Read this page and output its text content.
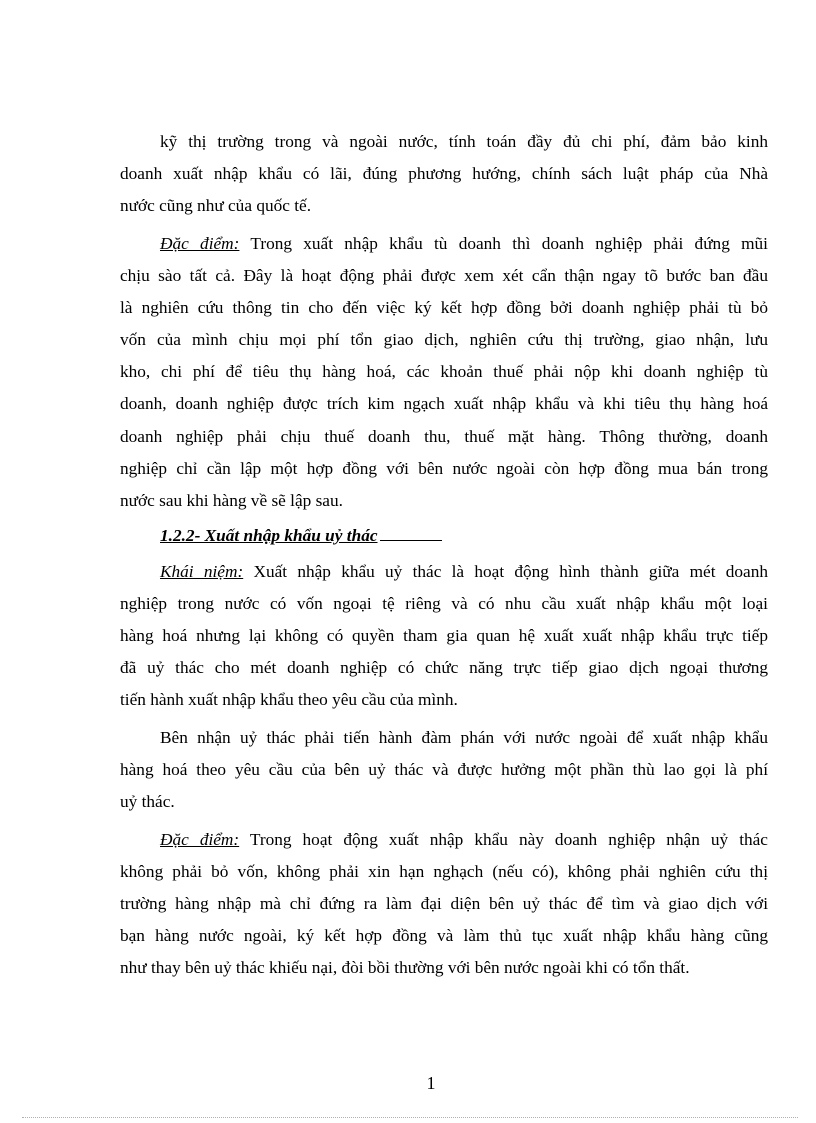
kỹ thị trường trong và ngoài nước, tính toán đầy đủ chi phí, đảm bảo kinh
doanh xuất nhập khẩu có lãi, đúng phương hướng, chính sách luật pháp của Nhà
nước cũng như của quốc tế.
Đặc điểm: Trong xuất nhập khẩu tù doanh thì doanh nghiệp phải đứng mũi
chịu sào tất cả. Đây là hoạt động phải được xem xét cẩn thận ngay tõ bước ban đầu
là nghiên cứu thông tin cho đến việc ký kết hợp đồng bởi doanh nghiệp phải tù bỏ
vốn của mình chịu mọi phí tổn giao dịch, nghiên cứu thị trường, giao nhận, lưu
kho, chi phí để tiêu thụ hàng hoá, các khoản thuế phải nộp khi doanh nghiệp tù
doanh, doanh nghiệp được trích kim ngạch xuất nhập khẩu và khi tiêu thụ hàng hoá
doanh nghiệp phải chịu thuế doanh thu, thuế mặt hàng. Thông thường, doanh
nghiệp chỉ cần lập một hợp đồng với bên nước ngoài còn hợp đồng mua bán trong
nước sau khi hàng về sẽ lập sau.
1.2.2- Xuất nhập khẩu uỷ thác
Khái niệm: Xuất nhập khẩu uỷ thác là hoạt động hình thành giữa mét doanh
nghiệp trong nước có vốn ngoại tệ riêng và có nhu cầu xuất nhập khẩu một loại
hàng hoá nhưng lại không có quyền tham gia quan hệ xuất xuất nhập khẩu trực tiếp
đã uỷ thác cho mét doanh nghiệp có chức năng trực tiếp giao dịch ngoại thương
tiến hành xuất nhập khẩu theo yêu cầu của mình.
Bên nhận uỷ thác phải tiến hành đàm phán với nước ngoài để xuất nhập khẩu
hàng hoá theo yêu cầu của bên uỷ thác và được hưởng một phần thù lao gọi là phí
uỷ thác.
Đặc điểm: Trong hoạt động xuất nhập khẩu này doanh nghiệp nhận uỷ thác
không phải bỏ vốn, không phải xin hạn nghạch (nếu có), không phải nghiên cứu thị
trường hàng nhập mà chỉ đứng ra làm đại diện bên uỷ thác để tìm và giao dịch với
bạn hàng nước ngoài, ký kết hợp đồng và làm thủ tục xuất nhập khẩu hàng cũng
như thay bên uỷ thác khiếu nại, đòi bồi thường với bên nước ngoài khi có tổn thất.
1
